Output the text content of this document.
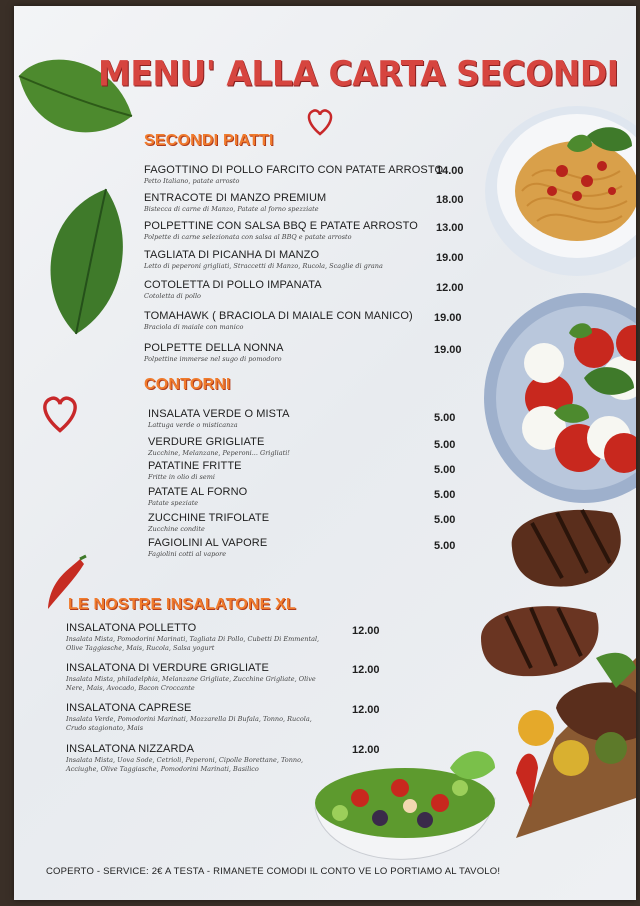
MENU' ALLA CARTA SECONDI
SECONDI PIATTI
FAGOTTINO DI POLLO FARCITO CON PATATE ARROSTO
Petto Italiano, patate arrosto
14.00
ENTRACOTE DI MANZO PREMIUM
Bistecca di carne di Manzo, Patate al forno spezziate
18.00
POLPETTINE CON SALSA BBQ E PATATE ARROSTO
Polpette di carne selezionata con salsa al BBQ e patate arrosto
13.00
TAGLIATA DI PICANHA DI MANZO
Letto di peperoni grigliati, Straccetti di Manzo, Rucola, Scaglie di grana
19.00
COTOLETTA DI POLLO IMPANATA
Cotoletta di pollo
12.00
TOMAHAWK ( BRACIOLA DI MAIALE CON MANICO)
Braciola di maiale con manico
19.00
POLPETTE DELLA NONNA
Polpettine immerse nel sugo di pomodoro
19.00
CONTORNI
INSALATA VERDE O MISTA
Lattuga verde o misticanza
5.00
VERDURE GRIGLIATE
Zucchine, Melanzane, Peperoni... Grigliati!
5.00
PATATINE FRITTE
Fritte in olio di semi
5.00
PATATE AL FORNO
Patate speziate
5.00
ZUCCHINE TRIFOLATE
Zucchine condite
5.00
FAGIOLINI AL VAPORE
Fagiolini cotti al vapore
5.00
LE NOSTRE INSALATONE XL
INSALATONA POLLETTO
Insalata Mista, Pomodorini Marinati, Tagliata Di Pollo, Cubetti Di Emmental, Olive Taggiasche, Mais, Rucola, Salsa yogurt
12.00
INSALATONA DI VERDURE GRIGLIATE
Insalata Mista, philadelphia, Melanzane Grigliate, Zucchine Grigliate, Olive Nere, Mais, Avocado, Bacon Croccante
12.00
INSALATONA CAPRESE
Insalata Verde, Pomodorini Marinati, Mozzarella Di Bufala, Tonno, Rucola, Crudo stagionato, Mais
12.00
INSALATONA NIZZARDA
Insalata Mista, Uova Sode, Cetrioli, Peperoni, Cipolle Borettane, Tonno, Acciughe, Olive Taggiasche, Pomodorini Marinati, Basilico
12.00
COPERTO - SERVICE: 2€ A TESTA - RIMANETE COMODI IL CONTO VE LO PORTIAMO AL TAVOLO!
